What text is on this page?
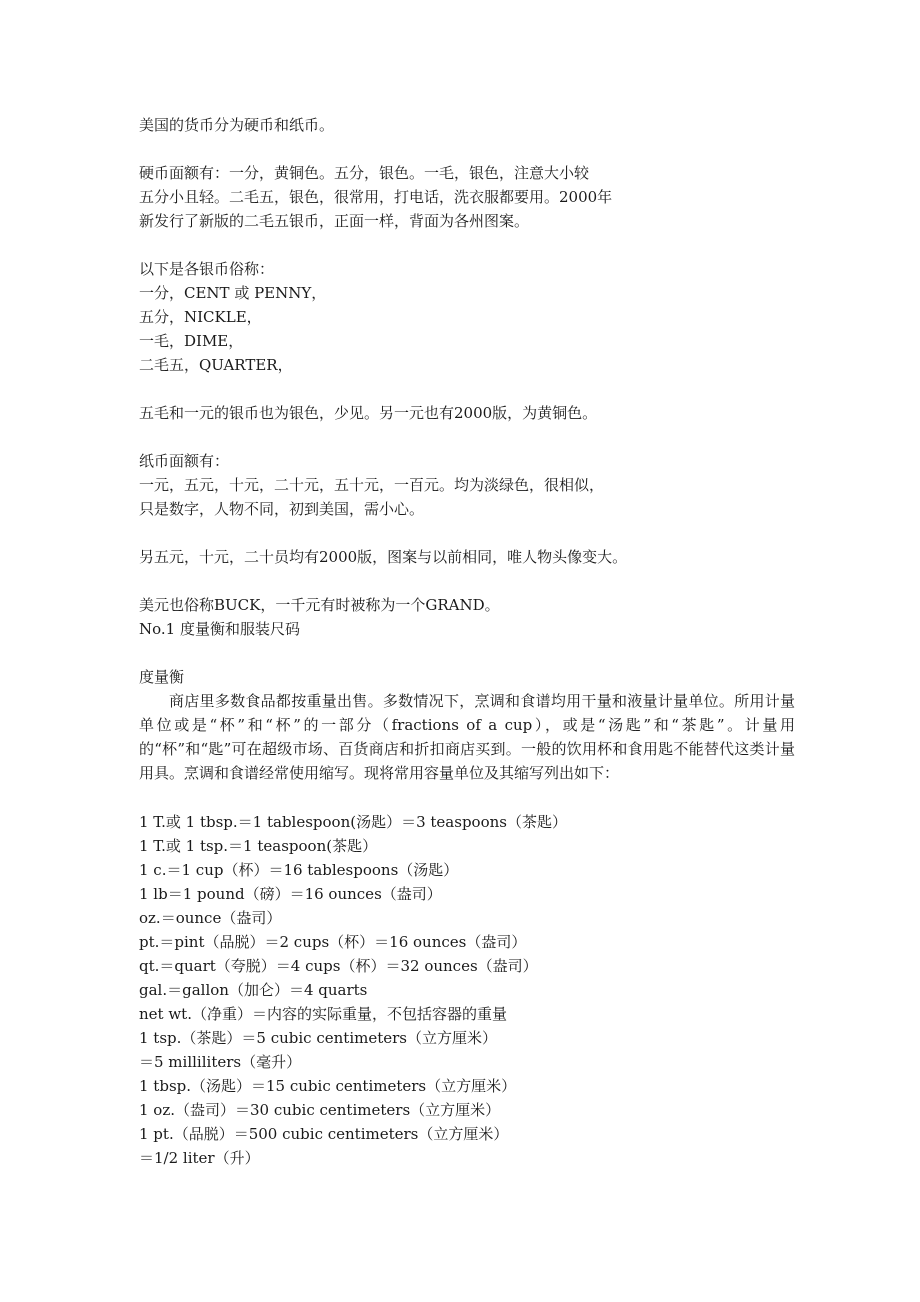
美国的货币分为硬币和纸币。
硬币面额有：一分，黄铜色。五分，银色。一毛，银色，注意大小较
五分小且轻。二毛五，银色，很常用，打电话，洗衣服都要用。2000年
新发行了新版的二毛五银币，正面一样，背面为各州图案。
以下是各银币俗称：
一分，CENT 或 PENNY，
五分，NICKLE，
一毛，DIME，
二毛五，QUARTER，
五毛和一元的银币也为银色，少见。另一元也有2000版，为黄铜色。
纸币面额有：
一元，五元，十元，二十元，五十元，一百元。均为淡绿色，很相似，
只是数字，人物不同，初到美国，需小心。
另五元，十元，二十员均有2000版，图案与以前相同，唯人物头像变大。
美元也俗称BUCK，一千元有时被称为一个GRAND。
No.1 度量衡和服装尺码
度量衡
商店里多数食品都按重量出售。多数情况下，烹调和食谱均用干量和液量计量单位。所用计量单位或是“杯”和“杯”的一部分（fractions of a cup），或是“汤匙”和“茶匙”。计量用的“杯”和“匙”可在超级市场、百货商店和折扣商店买到。一般的饮用杯和食用匙不能替代这类计量用具。烹调和食谱经常使用缩写。现将常用容量单位及其缩写列出如下：
1 T.或 1 tbsp.＝1 tablespoon(汤匙）＝3 teaspoons（茶匙）
1 T.或 1 tsp.＝1 teaspoon(茶匙）
1 c.＝1 cup（杯）＝16 tablespoons（汤匙）
1 lb＝1 pound（磅）＝16 ounces（盎司）
oz.＝ounce（盎司）
pt.＝pint（品脱）＝2 cups（杯）＝16 ounces（盎司）
qt.＝quart（夸脱）＝4 cups（杯）＝32 ounces（盎司）
gal.＝gallon（加仑）＝4 quarts
net wt.（净重）＝内容的实际重量，不包括容器的重量
1 tsp.（茶匙）＝5 cubic centimeters（立方厘米）
＝5 milliliters（毫升）
1 tbsp.（汤匙）＝15 cubic centimeters（立方厘米）
1 oz.（盎司）＝30 cubic centimeters（立方厘米）
1 pt.（品脱）＝500 cubic centimeters（立方厘米）
＝1/2 liter（升）
